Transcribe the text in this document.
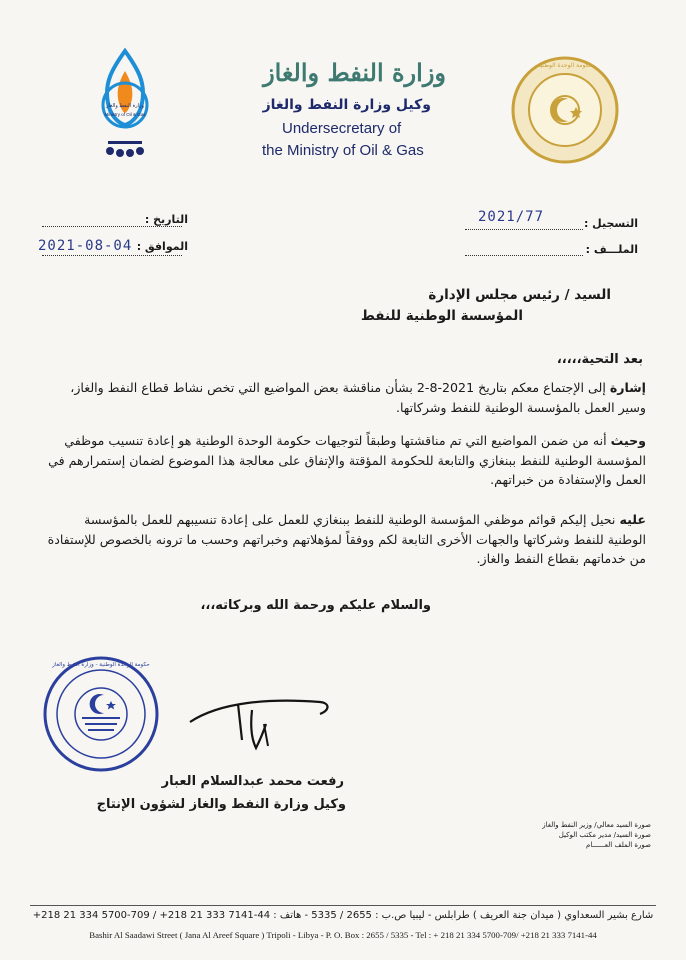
وزارة النفط والغاز
Ministry of Oil & Gas
وزارة النفط والغاز
وكيل وزارة النفط والغاز
Undersecretary of
the Ministry of Oil & Gas
حكومة الوحدة الوطنية
التاريخ :
الموافق :
2021-08-04
التسجيل :
2021/77
الملـــف :
السيد / رئيس مجلس الإدارة
المؤسسة الوطنية للنفط
بعد التحية،،،،،
إشارة إلى الإجتماع معكم بتاريخ 2021-8-2 بشأن مناقشة بعض المواضيع التي تخص نشاط قطاع النفط والغاز، وسير العمل بالمؤسسة الوطنية للنفط وشركاتها.
وحيث أنه من ضمن المواضيع التي تم مناقشتها وطبقاً لتوجيهات حكومة الوحدة الوطنية هو إعادة تنسيب موظفي المؤسسة الوطنية للنفط ببنغازي والتابعة للحكومة المؤقتة والإتفاق على معالجة هذا الموضوع لضمان إستمرارهم في العمل والإستفادة من خبراتهم.
عليه نحيل إليكم قوائم موظفي المؤسسة الوطنية للنفط ببنغازي للعمل على إعادة تنسيبهم للعمل بالمؤسسة الوطنية للنفط وشركاتها والجهات الأخرى التابعة لكم ووفقاً لمؤهلاتهم وخبراتهم وحسب ما ترونه بالخصوص للإستفادة من خدماتهم بقطاع النفط والغاز.
والسلام عليكم ورحمة الله وبركاته،،،
حكومة الوحدة الوطنية - وزارة النفط والغاز
رفعت محمد عبدالسلام العبار
وكيل وزارة النفط والغاز لشؤون الإنتاج
صورة السيد معالي/ وزير النفط والغاز
صورة السيد/ مدير مكتب الوكيل
صورة الملف العــــــام
شارع بشير السعداوي ( ميدان جنة العريف ) طرابلس - ليبيا ص.ب : 2655 / 5335 - هاتف : 44-7141 333 21 218+ / 709-5700 334 21 218+
Bashir Al Saadawi Street ( Jana Al Areef Square ) Tripoli - Libya - P. O. Box : 2655 / 5335 - Tel : + 218 21 334 5700-709/ +218 21 333 7141-44
